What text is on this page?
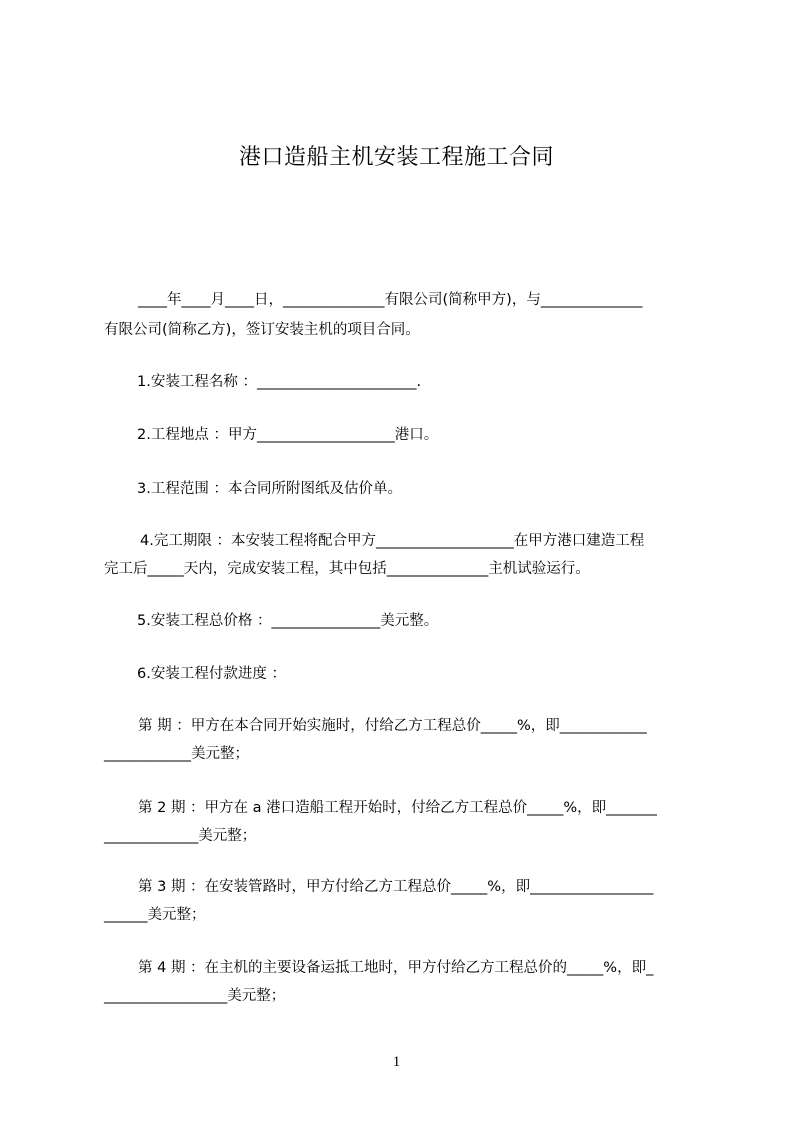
港口造船主机安装工程施工合同
____年____月____日，______________有限公司(简称甲方)，与______________
有限公司(简称乙方)，签订安装主机的项目合同。
1.安装工程名称 ：______________________.
2.工程地点 ：甲方___________________港口。
3.工程范围 ：本合同所附图纸及估价单。
4.完工期限 ：本安装工程将配合甲方___________________在甲方港口建造工程
完工后_____天内，完成安装工程，其中包括______________主机试验运行。
5.安装工程总价格 ：_______________美元整。
6.安装工程付款进度 ：
第 期 ：甲方在本合同开始实施时，付给乙方工程总价_____%，即____________
____________美元整；
第 2 期 ：甲方在 a 港口造船工程开始时，付给乙方工程总价_____%，即_______
_____________美元整；
第 3 期 ：在安装管路时，甲方付给乙方工程总价_____%，即_________________
______美元整；
第 4 期 ：在主机的主要设备运抵工地时，甲方付给乙方工程总价的_____%，即_
_________________美元整；
1
